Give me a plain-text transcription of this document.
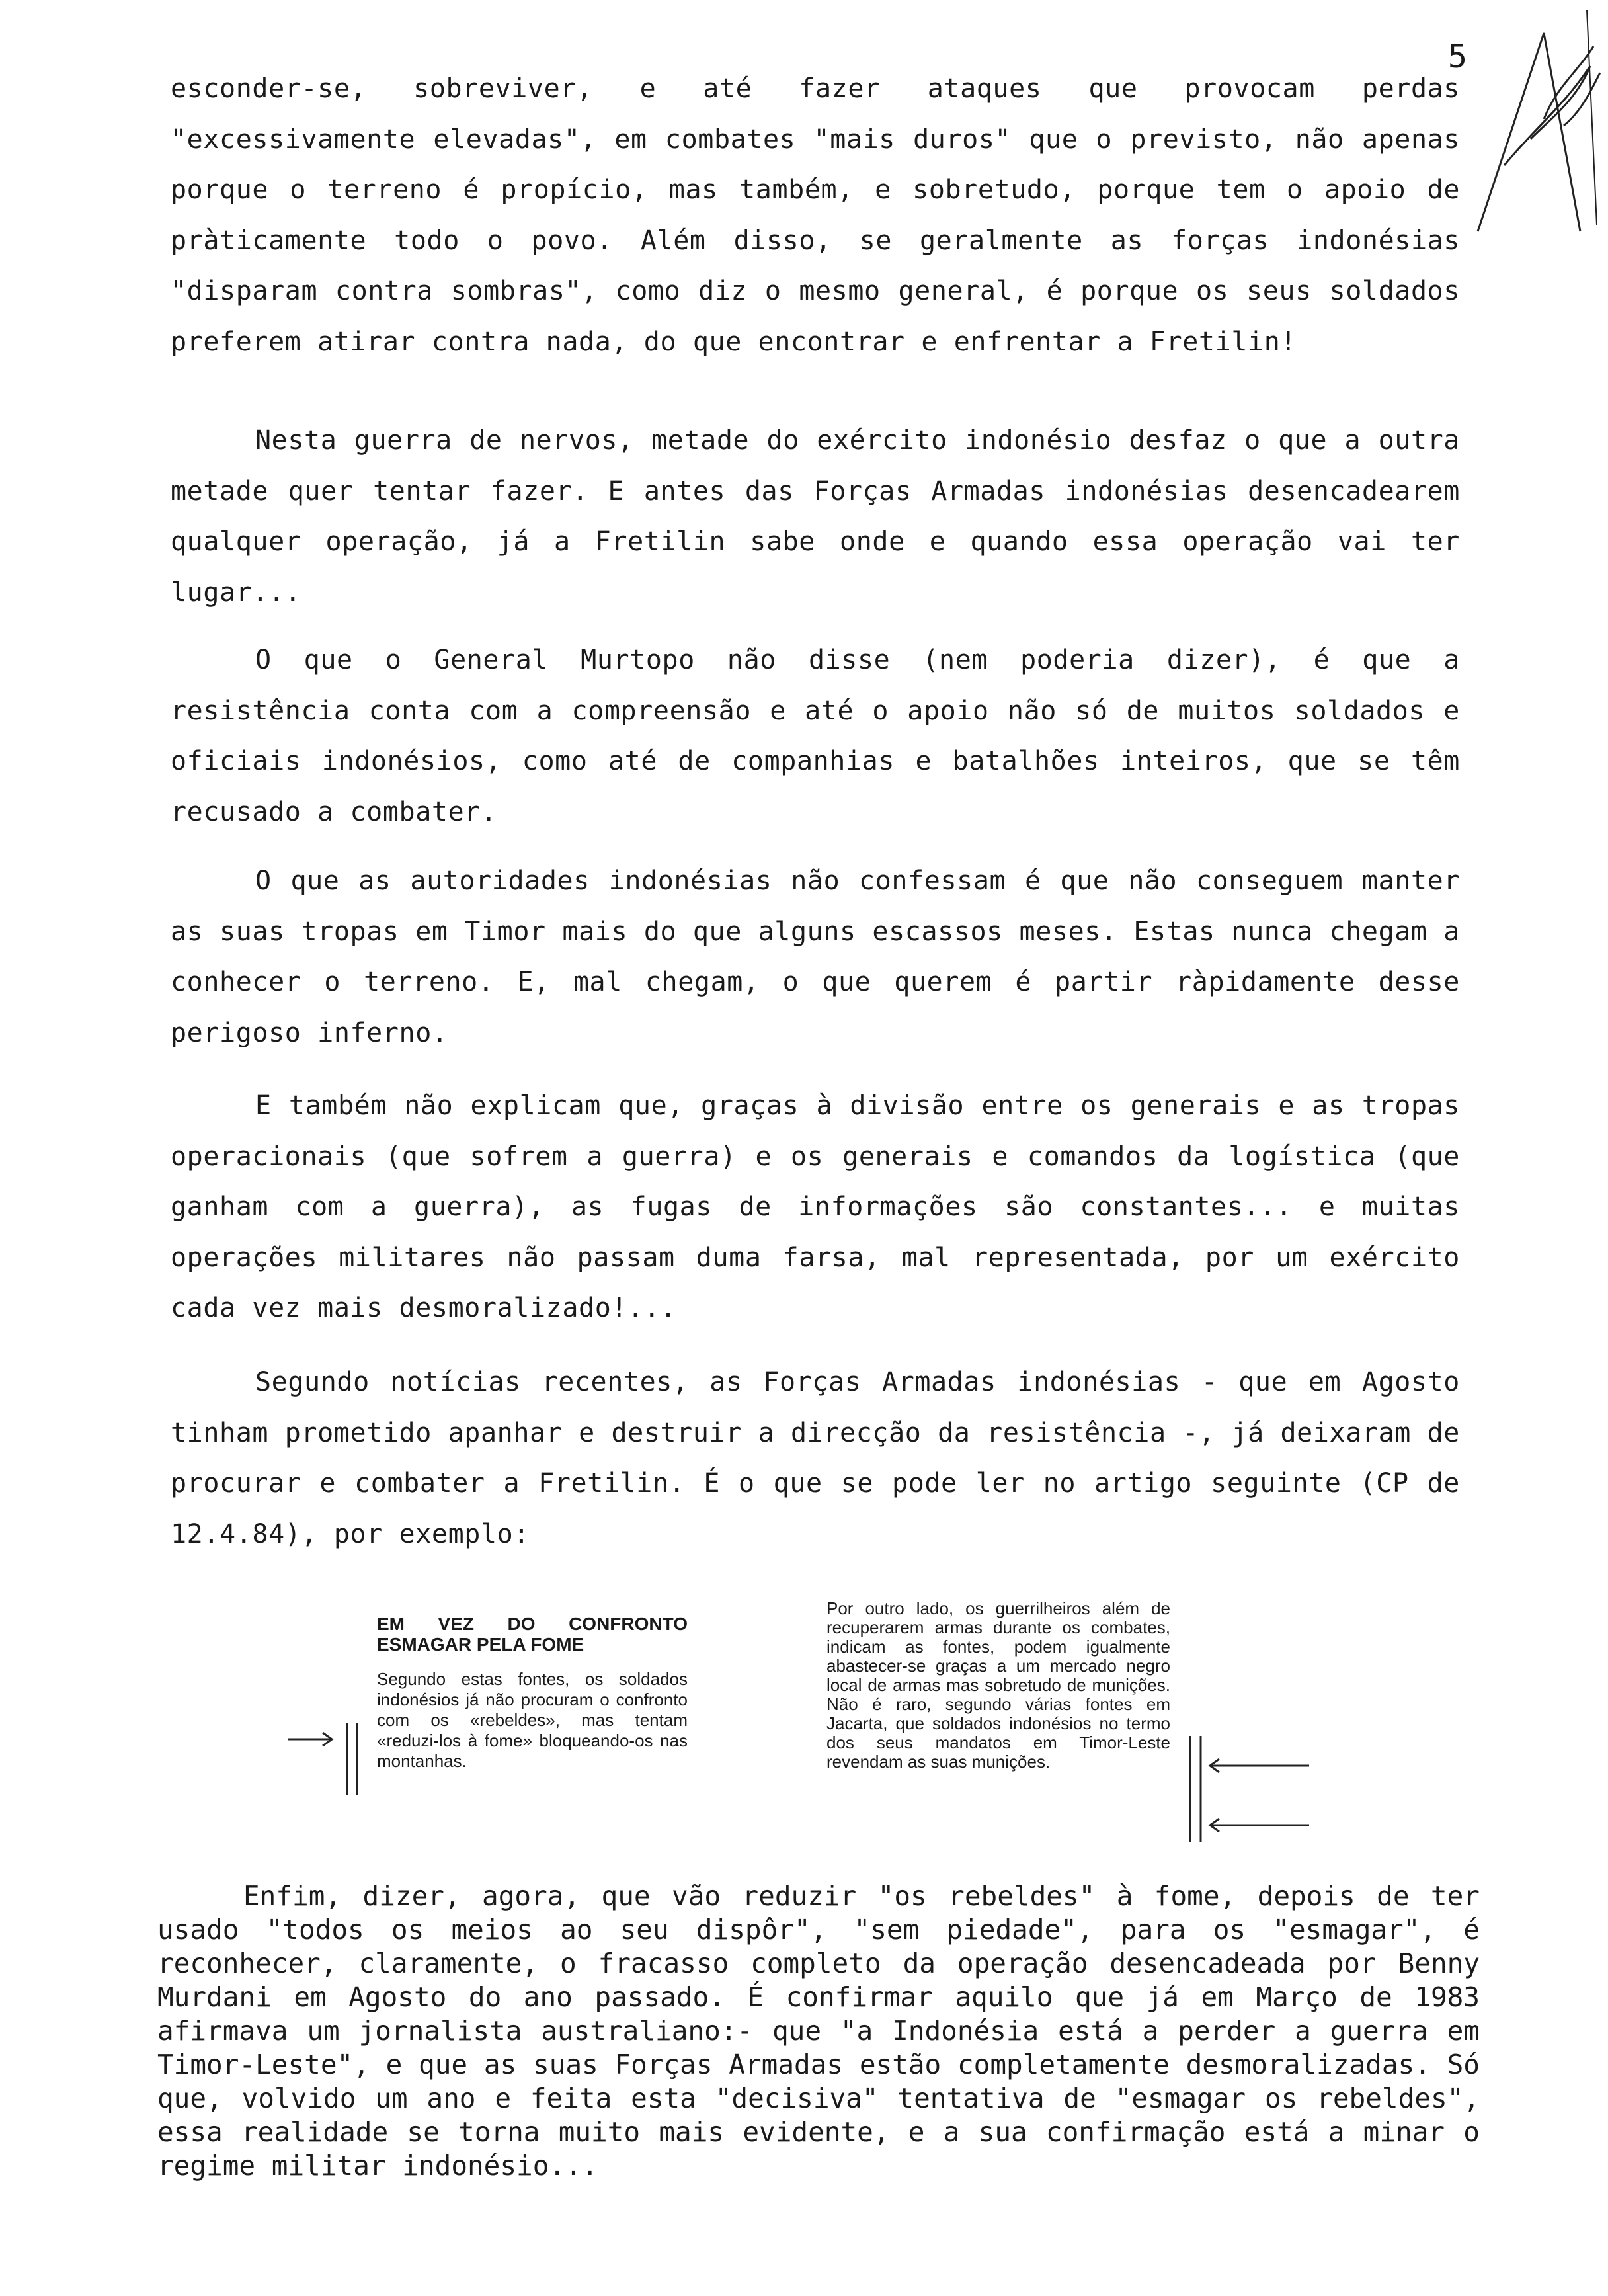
5

esconder-se, sobreviver, e até fazer ataques que provocam perdas "excessivamente elevadas", em combates "mais duros" que o previsto, não apenas porque o terreno é propício, mas também, e sobretudo, porque tem o apoio de pràticamente todo o povo. Além disso, se geralmente as forças indonésias "disparam contra sombras", como diz o mesmo general, é porque os seus soldados preferem atirar contra nada, do que encontrar e enfrentar a Fretilin!

Nesta guerra de nervos, metade do exército indonésio desfaz o que a outra metade quer tentar fazer. E antes das Forças Armadas indonésias desencadearem qualquer operação, já a Fretilin sabe onde e quando essa operação vai ter lugar...

O que o General Murtopo não disse (nem poderia dizer), é que a resistência conta com a compreensão e até o apoio não só de muitos soldados e oficiais indonésios, como até de companhias e batalhões inteiros, que se têm recusado a combater.

O que as autoridades indonésias não confessam é que não conseguem manter as suas tropas em Timor mais do que alguns escassos meses. Estas nunca chegam a conhecer o terreno. E, mal chegam, o que querem é partir ràpidamente desse perigoso inferno.

E também não explicam que, graças à divisão entre os generais e as tropas operacionais (que sofrem a guerra) e os generais e comandos da logística (que ganham com a guerra), as fugas de informações são constantes... e muitas operações militares não passam duma farsa, mal representada, por um exército cada vez mais desmoralizado!...

Segundo notícias recentes, as Forças Armadas indonésias - que em Agosto tinham prometido apanhar e destruir a direcção da resistência -, já deixaram de procurar e combater a Fretilin. É o que se pode ler no artigo seguinte (CP de 12.4.84), por exemplo:

EM VEZ DO CONFRONTO ESMAGAR PELA FOME
Segundo estas fontes, os soldados indonésios já não procuram o confronto com os «rebeldes», mas tentam «reduzi-los à fome» bloqueando-os nas montanhas.
Por outro lado, os guerrilheiros além de recuperarem armas durante os combates, indicam as fontes, podem igualmente abastecer-se graças a um mercado negro local de armas mas sobretudo de munições. Não é raro, segundo várias fontes em Jacarta, que soldados indonésios no termo dos seus mandatos em Timor-Leste revendam as suas munições.

Enfim, dizer, agora, que vão reduzir "os rebeldes" à fome, depois de ter usado "todos os meios ao seu dispôr", "sem piedade", para os "esmagar", é reconhecer, claramente, o fracasso completo da operação desencadeada por Benny Murdani em Agosto do ano passado. É confirmar aquilo que já em Março de 1983 afirmava um jornalista australiano:- que "a Indonésia está a perder a guerra em Timor-Leste", e que as suas Forças Armadas estão completamente desmoralizadas. Só que, volvido um ano e feita esta "decisiva" tentativa de "esmagar os rebeldes", essa realidade se torna muito mais evidente, e a sua confirmação está a minar o regime militar indonésio...
